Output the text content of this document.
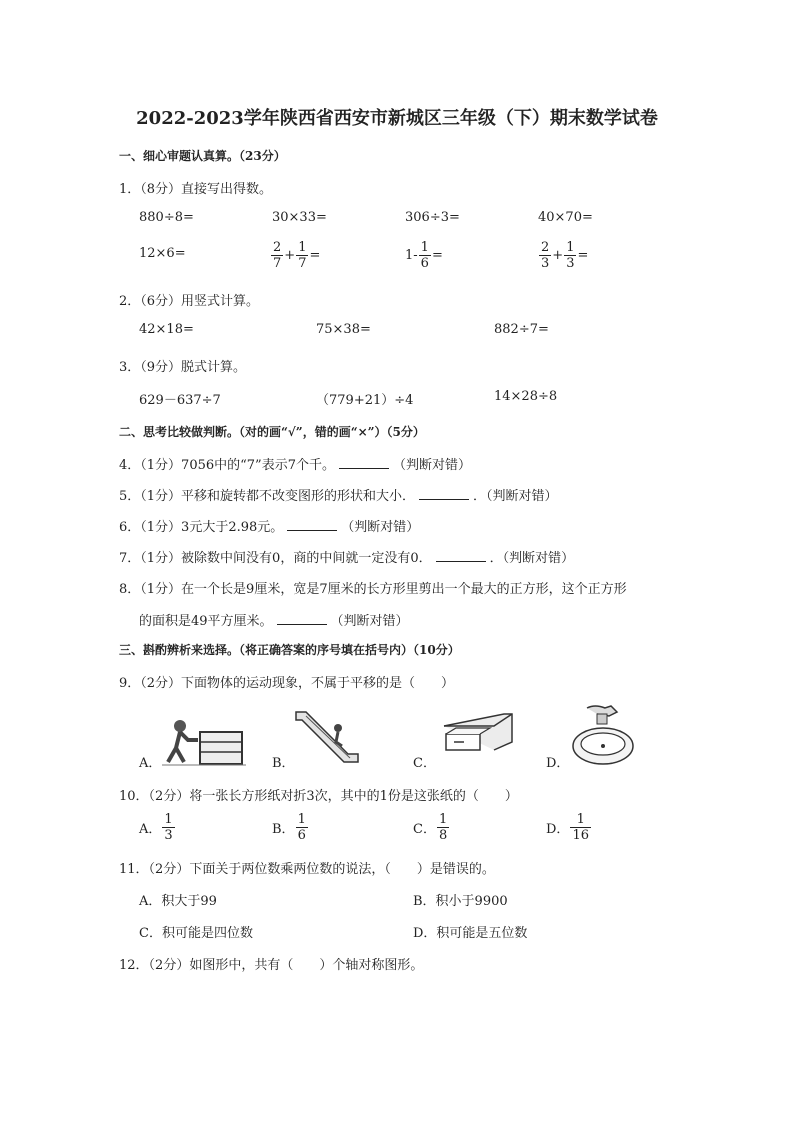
2022-2023学年陕西省西安市新城区三年级（下）期末数学试卷
一、细心审题认真算。（23分）
1．（8分）直接写出得数。
880÷8=	30×33=	306÷3=	40×70=
12×6=	$\frac{2}{7} + \frac{1}{7}$ =	$1- \frac{1}{6}$ =	$\frac{2}{3} + \frac{1}{3}$ =
2．（6分）用竖式计算。
42×18=	75×38=	882÷7=
3．（9分）脱式计算。
629－637÷7	（779+21）÷4	14×28÷8
二、思考比较做判断。（对的画“√”，错的画“×”）（5分）
4．（1分）7056中的“7”表示7个千。	（判断对错）
5．（1分）平移和旋转都不改变图形的形状和大小．	．（判断对错）
6．（1分）3元大于2.98元。	（判断对错）
7．（1分）被除数中间没有0，商的中间就一定没有0．	．（判断对错）
8．（1分）在一个长是9厘米，宽是7厘米的长方形里剪出一个最大的正方形，这个正方形
的面积是49平方厘米。	（判断对错）
三、斟酌辨析来选择。（将正确答案的序号填在括号内）（10分）
9．（2分）下面物体的运动现象，不属于平移的是（　　）
A．	B．	C．	D．
10．（2分）将一张长方形纸对折3次，其中的1份是这张纸的（　　）
A． $\frac{1}{3}$	B． $\frac{1}{6}$	C． $\frac{1}{8}$	D． $\frac{1}{16}$
11．（2分）下面关于两位数乘两位数的说法，（　　）是错误的。
A．积大于99	B．积小于9900
C．积可能是四位数	D．积可能是五位数
12．（2分）如图形中，共有（　　）个轴对称图形。
